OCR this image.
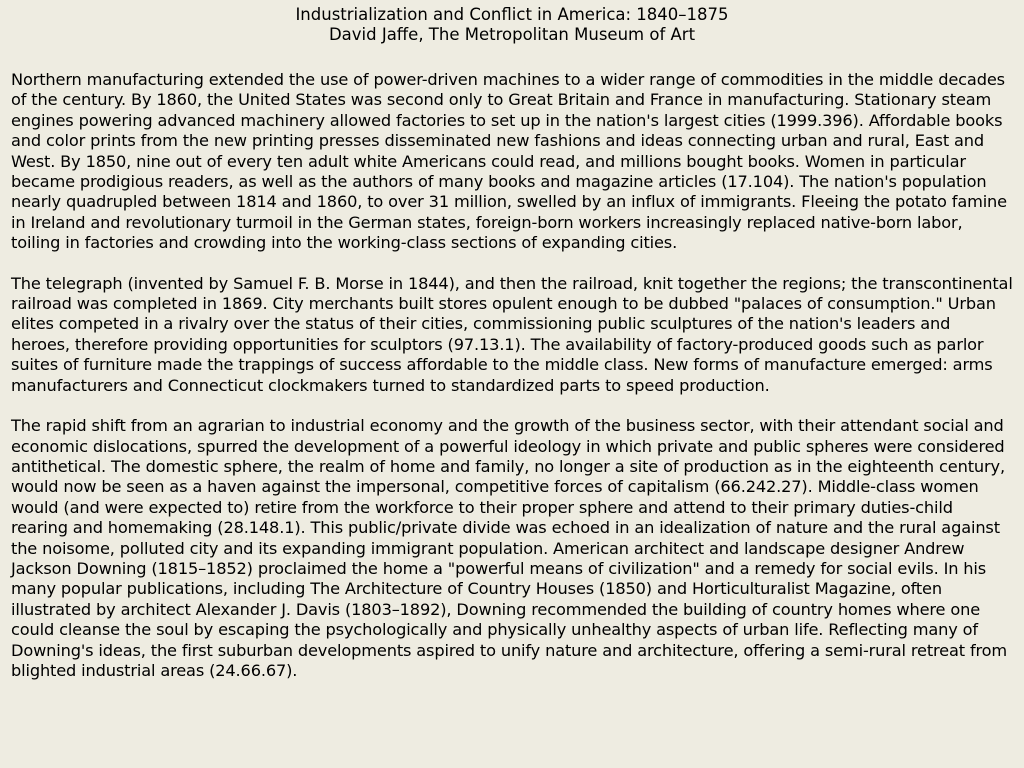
Industrialization and Conflict in America: 1840–1875
David Jaffe, The Metropolitan Museum of Art

Northern manufacturing extended the use of power-driven machines to a wider range of commodities in the middle decades of the century. By 1860, the United States was second only to Great Britain and France in manufacturing. Stationary steam engines powering advanced machinery allowed factories to set up in the nation's largest cities (1999.396). Affordable books and color prints from the new printing presses disseminated new fashions and ideas connecting urban and rural, East and West. By 1850, nine out of every ten adult white Americans could read, and millions bought books. Women in particular became prodigious readers, as well as the authors of many books and magazine articles (17.104). The nation's population nearly quadrupled between 1814 and 1860, to over 31 million, swelled by an influx of immigrants. Fleeing the potato famine in Ireland and revolutionary turmoil in the German states, foreign-born workers increasingly replaced native-born labor, toiling in factories and crowding into the working-class sections of expanding cities.

The telegraph (invented by Samuel F. B. Morse in 1844), and then the railroad, knit together the regions; the transcontinental railroad was completed in 1869. City merchants built stores opulent enough to be dubbed "palaces of consumption." Urban elites competed in a rivalry over the status of their cities, commissioning public sculptures of the nation's leaders and heroes, therefore providing opportunities for sculptors (97.13.1). The availability of factory-produced goods such as parlor suites of furniture made the trappings of success affordable to the middle class. New forms of manufacture emerged: arms manufacturers and Connecticut clockmakers turned to standardized parts to speed production.

The rapid shift from an agrarian to industrial economy and the growth of the business sector, with their attendant social and economic dislocations, spurred the development of a powerful ideology in which private and public spheres were considered antithetical. The domestic sphere, the realm of home and family, no longer a site of production as in the eighteenth century, would now be seen as a haven against the impersonal, competitive forces of capitalism (66.242.27). Middle-class women would (and were expected to) retire from the workforce to their proper sphere and attend to their primary duties-child rearing and homemaking (28.148.1). This public/private divide was echoed in an idealization of nature and the rural against the noisome, polluted city and its expanding immigrant population. American architect and landscape designer Andrew Jackson Downing (1815–1852) proclaimed the home a "powerful means of civilization" and a remedy for social evils. In his many popular publications, including The Architecture of Country Houses (1850) and Horticulturalist Magazine, often illustrated by architect Alexander J. Davis (1803–1892), Downing recommended the building of country homes where one could cleanse the soul by escaping the psychologically and physically unhealthy aspects of urban life. Reflecting many of Downing's ideas, the first suburban developments aspired to unify nature and architecture, offering a semi-rural retreat from blighted industrial areas (24.66.67).
